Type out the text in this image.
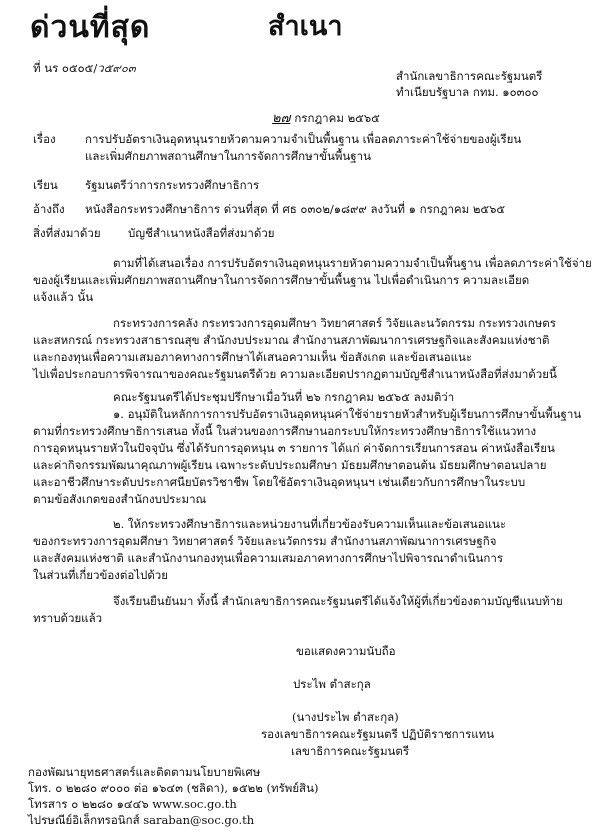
ด่วนที่สุด	สำเนา
ที่ นร ๐๕๐๕/ว๕๙๐๓
สำนักเลขาธิการคณะรัฐมนตรี
ทำเนียบรัฐบาล กทม. ๑๐๓๐๐
๒๗ กรกฎาคม ๒๕๖๕
เรื่อง	การปรับอัตราเงินอุดหนุนรายหัวตามความจำเป็นพื้นฐาน เพื่อลดภาระค่าใช้จ่ายของผู้เรียน
และเพิ่มศักยภาพสถานศึกษาในการจัดการศึกษาขั้นพื้นฐาน
เรียน รัฐมนตรีว่าการกระทรวงศึกษาธิการ
อ้างถึง หนังสือกระทรวงศึกษาธิการ ด่วนที่สุด ที่ ศธ ๐๓๐๒/๑๘๙๙ ลงวันที่ ๑ กรกฎาคม ๒๕๖๕
สิ่งที่ส่งมาด้วย บัญชีสำเนาหนังสือที่ส่งมาด้วย
ตามที่ได้เสนอเรื่อง การปรับอัตราเงินอุดหนุนรายหัวตามความจำเป็นพื้นฐาน เพื่อลดภาระค่าใช้จ่าย
ของผู้เรียนและเพิ่มศักยภาพสถานศึกษาในการจัดการศึกษาขั้นพื้นฐาน ไปเพื่อดำเนินการ ความละเอียด
แจ้งแล้ว นั้น
กระทรวงการคลัง กระทรวงการอุดมศึกษา วิทยาศาสตร์ วิจัยและนวัตกรรม กระทรวงเกษตร
และสหกรณ์ กระทรวงสาธารณสุข สำนักงบประมาณ สำนักงานสภาพัฒนาการเศรษฐกิจและสังคมแห่งชาติ
และกองทุนเพื่อความเสมอภาคทางการศึกษาได้เสนอความเห็น ข้อสังเกต และข้อเสนอแนะ
ไปเพื่อประกอบการพิจารณาของคณะรัฐมนตรีด้วย ความละเอียดปรากฏตามบัญชีสำเนาหนังสือที่ส่งมาด้วยนี้
คณะรัฐมนตรีได้ประชุมปรึกษาเมื่อวันที่ ๒๖ กรกฎาคม ๒๕๖๕ ลงมติว่า
๑. อนุมัติในหลักการการปรับอัตราเงินอุดหนุนค่าใช้จ่ายรายหัวสำหรับผู้เรียนการศึกษาขั้นพื้นฐาน
ตามที่กระทรวงศึกษาธิการเสนอ ทั้งนี้ ในส่วนของการศึกษานอกระบบให้กระทรวงศึกษาธิการใช้แนวทาง
การอุดหนุนรายหัวในปัจจุบัน ซึ่งได้รับการอุดหนุน ๓ รายการ ได้แก่ ค่าจัดการเรียนการสอน ค่าหนังสือเรียน
และค่ากิจกรรมพัฒนาคุณภาพผู้เรียน เฉพาะระดับประถมศึกษา มัธยมศึกษาตอนต้น มัธยมศึกษาตอนปลาย
และอาชีวศึกษาระดับประกาศนียบัตรวิชาชีพ โดยใช้อัตราเงินอุดหนุนฯ เช่นเดียวกับการศึกษาในระบบ
ตามข้อสังเกตของสำนักงบประมาณ
๒. ให้กระทรวงศึกษาธิการและหน่วยงานที่เกี่ยวข้องรับความเห็นและข้อเสนอแนะ
ของกระทรวงการอุดมศึกษา วิทยาศาสตร์ วิจัยและนวัตกรรม สำนักงานสภาพัฒนาการเศรษฐกิจ
และสังคมแห่งชาติ และสำนักงานกองทุนเพื่อความเสมอภาคทางการศึกษาไปพิจารณาดำเนินการ
ในส่วนที่เกี่ยวข้องต่อไปด้วย
จึงเรียนยืนยันมา ทั้งนี้ สำนักเลขาธิการคณะรัฐมนตรีได้แจ้งให้ผู้ที่เกี่ยวข้องตามบัญชีแนบท้าย
ทราบด้วยแล้ว
ขอแสดงความนับถือ
ประไพ ตำสะกุล
(นางประไพ ตำสะกุล)
รองเลขาธิการคณะรัฐมนตรี ปฏิบัติราชการแทน
เลขาธิการคณะรัฐมนตรี
กองพัฒนายุทธศาสตร์และติดตามนโยบายพิเศษ
โทร. ๐ ๒๒๘๐ ๙๐๐๐ ต่อ ๑๖๔๓ (ชลิดา), ๑๕๒๒ (ทรัพย์สิน)
โทรสาร ๐ ๒๒๘๐ ๑๔๔๖ www.soc.go.th
ไปรษณีย์อิเล็กทรอนิกส์ saraban@soc.go.th
